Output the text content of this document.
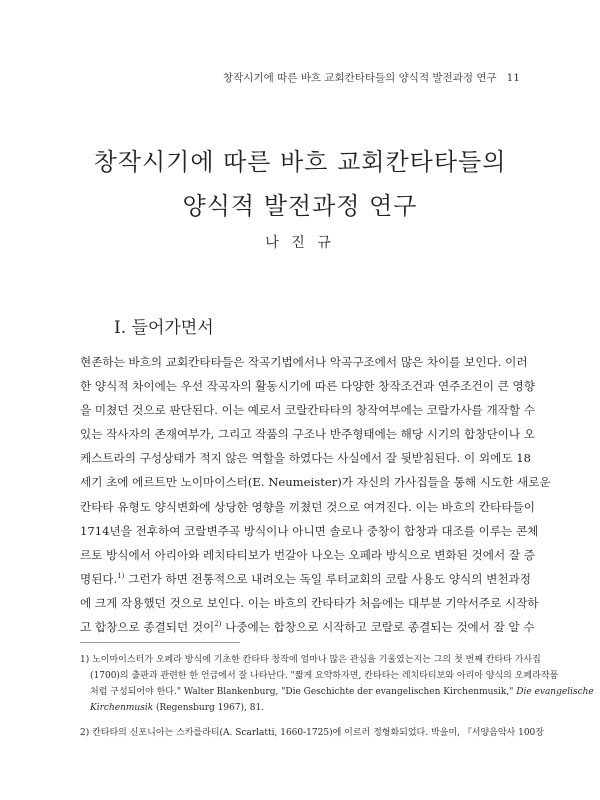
창작시기에 따른 바흐 교회칸타타들의 양식적 발전과정 연구 11
창작시기에 따른 바흐 교회칸타타들의
양식적 발전과정 연구
나 진 규
I. 들어가면서
현존하는 바흐의 교회칸타타들은 작곡기법에서나 악곡구조에서 많은 차이를 보인다. 이러
한 양식적 차이에는 우선 작곡자의 활동시기에 따른 다양한 창작조건과 연주조건이 큰 영향
을 미쳤던 것으로 판단된다. 이는 예로서 코랄칸타타의 창작여부에는 코랄가사를 개작할 수
있는 작사자의 존재여부가, 그리고 작품의 구조나 반주형태에는 해당 시기의 합창단이나 오
케스트라의 구성상태가 적지 않은 역할을 하였다는 사실에서 잘 뒷받침된다. 이 외에도 18
세기 초에 에르트만 노이마이스터(E. Neumeister)가 자신의 가사집들을 통해 시도한 새로운
칸타타 유형도 양식변화에 상당한 영향을 끼쳤던 것으로 여겨진다. 이는 바흐의 칸타타들이
1714년을 전후하여 코랄변주곡 방식이나 아니면 솔로나 중창이 합창과 대조를 이루는 콘체
르토 방식에서 아리아와 레치타티보가 번갈아 나오는 오페라 방식으로 변화된 것에서 잘 증
명된다.$^{1)}$ 그런가 하면 전통적으로 내려오는 독일 루터교회의 코랄 사용도 양식의 변천과정
에 크게 작용했던 것으로 보인다. 이는 바흐의 칸타타가 처음에는 대부분 기악서주로 시작하
고 합창으로 종결되던 것이$^{2)}$ 나중에는 합창으로 시작하고 코랄로 종결되는 것에서 잘 알 수
1) 노이마이스터가 오페라 방식에 기초한 칸타타 창작에 얼마나 많은 관심을 기울였는지는 그의 첫 번째 칸타타 가사집
(1700)의 출판과 관련한 한 언급에서 잘 나타난다. "짧게 요약하자면, 칸타타는 레치타티보와 아리아 양식의 오페라작품
처럼 구성되어야 한다." Walter Blankenburg, "Die Geschichte der evangelischen Kirchenmusik," Die evangelische
Kirchenmusik (Regensburg 1967), 81.
2) 칸타타의 신포니아는 스카를라티(A. Scarlatti, 1660-1725)에 이르러 정형화되었다. 박을미, 『서양음악사 100장
